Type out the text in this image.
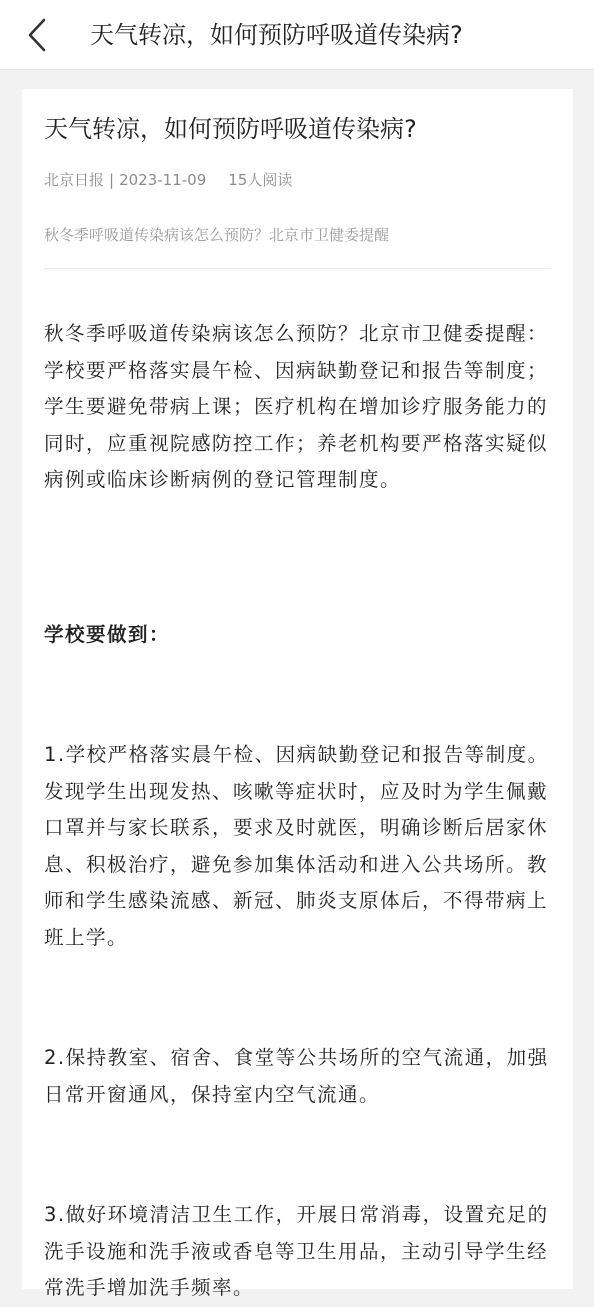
天气转凉，如何预防呼吸道传染病?
天气转凉，如何预防呼吸道传染病?
北京日报 | 2023-11-09 15人阅读
秋冬季呼吸道传染病该怎么预防？北京市卫健委提醒
秋冬季呼吸道传染病该怎么预防？北京市卫健委提醒：学校要严格落实晨午检、因病缺勤登记和报告等制度；学生要避免带病上课；医疗机构在增加诊疗服务能力的同时，应重视院感防控工作；养老机构要严格落实疑似病例或临床诊断病例的登记管理制度。
学校要做到：
1.学校严格落实晨午检、因病缺勤登记和报告等制度。发现学生出现发热、咳嗽等症状时，应及时为学生佩戴口罩并与家长联系，要求及时就医，明确诊断后居家休息、积极治疗，避免参加集体活动和进入公共场所。教师和学生感染流感、新冠、肺炎支原体后，不得带病上班上学。
2.保持教室、宿舍、食堂等公共场所的空气流通，加强日常开窗通风，保持室内空气流通。
3.做好环境清洁卫生工作，开展日常消毒，设置充足的洗手设施和洗手液或香皂等卫生用品，主动引导学生经常洗手增加洗手频率。
